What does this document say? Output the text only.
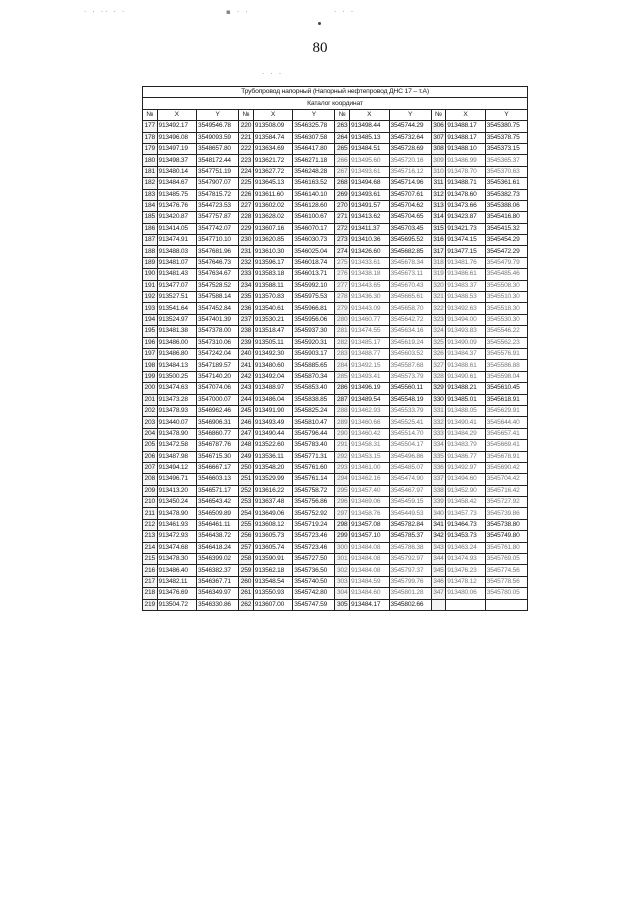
· · ·· · ·	▪ · ·	· · ·
· · ·
80
Трубопровод напорный (Напорный нефтепровод ДНС 17 – т.А)											
Каталог координат											
№	X	Y	№	X	Y	№	X	Y	№	X	Y
177	913492.17	3549546.78	220	913508.09	3546325.78	263	913498.44	3545744.29	306	913488.17	3545380.75
178	913496.08	3549093.59	221	913584.74	3546307.58	264	913485.13	3545732.64	307	913488.17	3545378.75
179	913497.19	3548657.80	222	913634.69	3546417.80	265	913484.51	3545728.69	308	913488.10	3545373.15
180	913498.37	3548172.44	223	913621.72	3546271.18	266	913495.60	3545720.16	309	913486.99	3545365.37
181	913480.14	3547751.19	224	913627.72	3546248.28	267	913493.61	3545716.12	310	913478.70	3545370.63
182	913484.67	3547907.07	225	913645.13	3546163.52	268	913494.68	3545714.96	311	913488.71	3545361.61
183	913485.75	3547815.72	226	913611.60	3546140.10	269	913493.61	3545707.61	312	913478.60	3545382.73
184	913476.76	3544723.53	227	913602.02	3546128.60	270	913491.57	3545704.62	313	913473.66	3545388.06
185	913420.87	3547757.87	228	913628.02	3546100.67	271	913413.62	3545704.65	314	913423.87	3545416.80
186	913414.05	3547742.07	229	913607.16	3546070.17	272	913411.37	3545703.45	315	913421.73	3545415.32
187	913474.91	3547710.10	230	913620.85	3546030.73	273	913410.36	3545695.52	316	913474.15	3545454.29
188	913488.03	3547681.96	231	913610.30	3546025.04	274	913426.60	3545682.85	317	913477.15	3545472.29
189	913481.07	3547646.73	232	913596.17	3546018.74	275	913433.61	3545678.34	318	913481.76	3545479.79
190	913481.43	3547634.67	233	913583.18	3546013.71	276	913438.18	3545673.11	319	913486.61	3545485.46
191	913477.07	3547528.52	234	913588.11	3545992.10	277	913443.65	3545670.43	320	913483.37	3545508.30
192	913527.51	3547588.14	235	913570.83	3545975.53	278	913436.30	3545665.61	321	913488.53	3545510.30
193	913541.64	3547452.84	236	913540.61	3545966.81	279	913443.09	3545658.70	322	913492.63	3545518.30
194	913524.97	3547401.39	237	913530.21	3545956.06	280	913460.77	3545642.72	323	913494.00	3545530.30
195	913481.38	3547378.00	238	913518.47	3545937.30	281	913474.55	3545634.16	324	913493.83	3545546.22
196	913486.00	3547310.06	239	913505.11	3545920.31	282	913485.17	3545619.24	325	913490.09	3545562.23
197	913486.80	3547242.04	240	913492.30	3545903.17	283	913488.77	3545603.52	326	913484.37	3545576.91
198	913484.13	3547189.57	241	913480.60	3545885.65	284	913492.15	3545587.68	327	913488.61	3545586.88
199	913500.25	3547140.20	242	913492.04	3545870.34	285	913493.41	3545573.79	328	913490.61	3545598.04
200	913474.63	3547074.06	243	913488.97	3545853.40	286	913496.19	3545560.11	329	913488.21	3545610.45
201	913473.28	3547000.07	244	913486.04	3545838.85	287	913489.54	3545548.19	330	913485.01	3545618.91
202	913478.93	3546962.46	245	913491.90	3545825.24	288	913462.93	3545533.79	331	913488.05	3545629.91
203	913440.07	3546906.31	246	913493.49	3545810.47	289	913460.66	3545525.41	332	913490.41	3545644.40
204	913478.90	3546860.77	247	913490.44	3545796.44	290	913460.42	3545514.70	333	913484.29	3545657.41
205	913472.58	3546787.76	248	913522.60	3545783.40	291	913458.31	3545504.17	334	913483.79	3545669.41
206	913487.98	3546715.30	249	913536.11	3545771.31	292	913453.15	3545496.86	335	913486.77	3545678.91
207	913494.12	3546667.17	250	913548.20	3545761.60	293	913461.00	3545485.07	336	913492.97	3545690.42
208	913496.71	3546603.13	251	913529.99	3545761.14	294	913462.16	3545474.90	337	913494.60	3545704.42
209	913413.20	3546571.17	252	913616.22	3545758.72	295	913457.40	3545467.97	338	913452.90	3545716.42
210	913450.24	3546543.42	253	913637.48	3545756.86	296	913469.06	3545459.15	339	913458.42	3545727.92
211	913478.90	3546509.89	254	913649.06	3545752.92	297	913458.76	3545449.53	340	913457.73	3545739.86
212	913461.93	3546461.11	255	913608.12	3545719.24	298	913457.08	3545782.84	341	913464.73	3545738.80
213	913472.93	3546438.72	256	913605.73	3545723.46	299	913457.10	3545785.37	342	913453.73	3545749.80
214	913474.68	3546418.24	257	913605.74	3545723.46	300	913484.08	3545786.38	343	913463.24	3545761.80
215	913478.30	3546399.02	258	913590.91	3545727.50	301	913484.08	3545792.97	344	913474.93	3545769.05
216	913486.40	3546382.37	259	913562.18	3545736.50	302	913484.08	3545797.37	345	913476.23	3545774.56
217	913482.11	3546367.71	260	913548.54	3545740.50	303	913484.59	3545799.76	346	913478.12	3545778.56
218	913476.69	3546349.97	261	913550.93	3545742.80	304	913484.60	3545801.28	347	913480.06	3545780.05
219	913504.72	3546330.86	262	913607.00	3545747.59	305	913484.17	3545802.66			
